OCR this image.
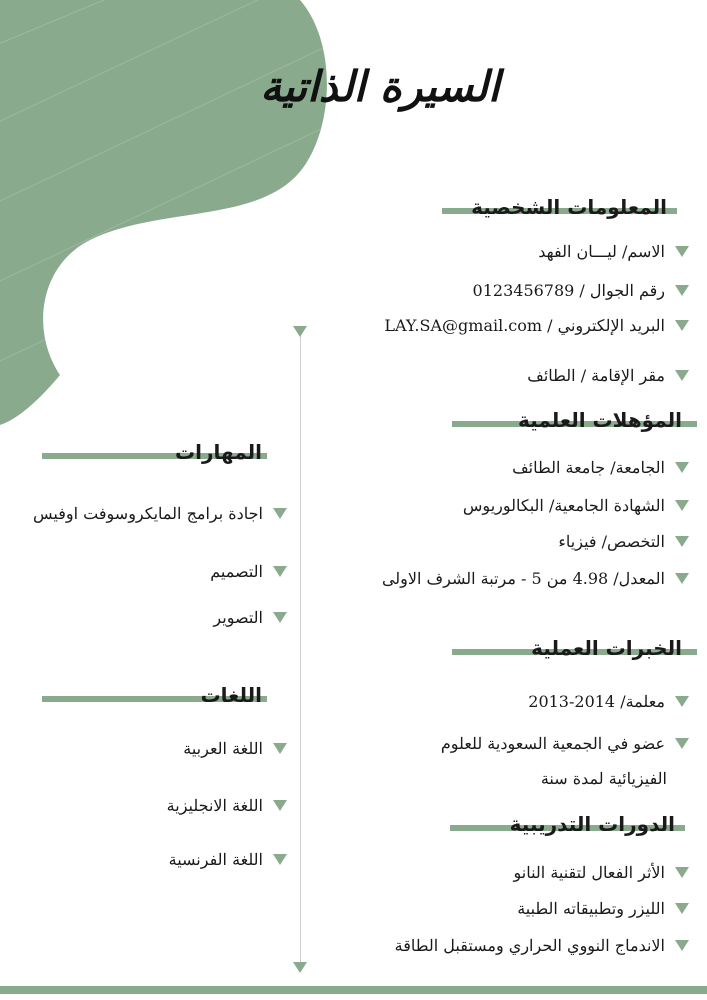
السيرة الذاتية
المعلومات الشخصية
الاسم/ ليـــان الفهد
رقم الجوال / 0123456789
البريد الإلكتروني / LAY.SA@gmail.com
مقر الإقامة / الطائف
المؤهلات العلمية
الجامعة/ جامعة الطائف
الشهادة الجامعية/ البكالوريوس
التخصص/ فيزياء
المعدل/ 4.98 من 5 - مرتبة الشرف الاولى
الخبرات العملية
معلمة/ 2014-2013
عضو في الجمعية السعودية للعلوم
الفيزيائية لمدة سنة
الدورات التدريبية
الأثر الفعال لتقنية النانو
الليزر وتطبيقاته الطبية
الاندماج النووي الحراري ومستقبل الطاقة
المهارات
اجادة برامج المايكروسوفت اوفيس
التصميم
التصوير
اللغات
اللغة العربية
اللغة الانجليزية
اللغة الفرنسية
